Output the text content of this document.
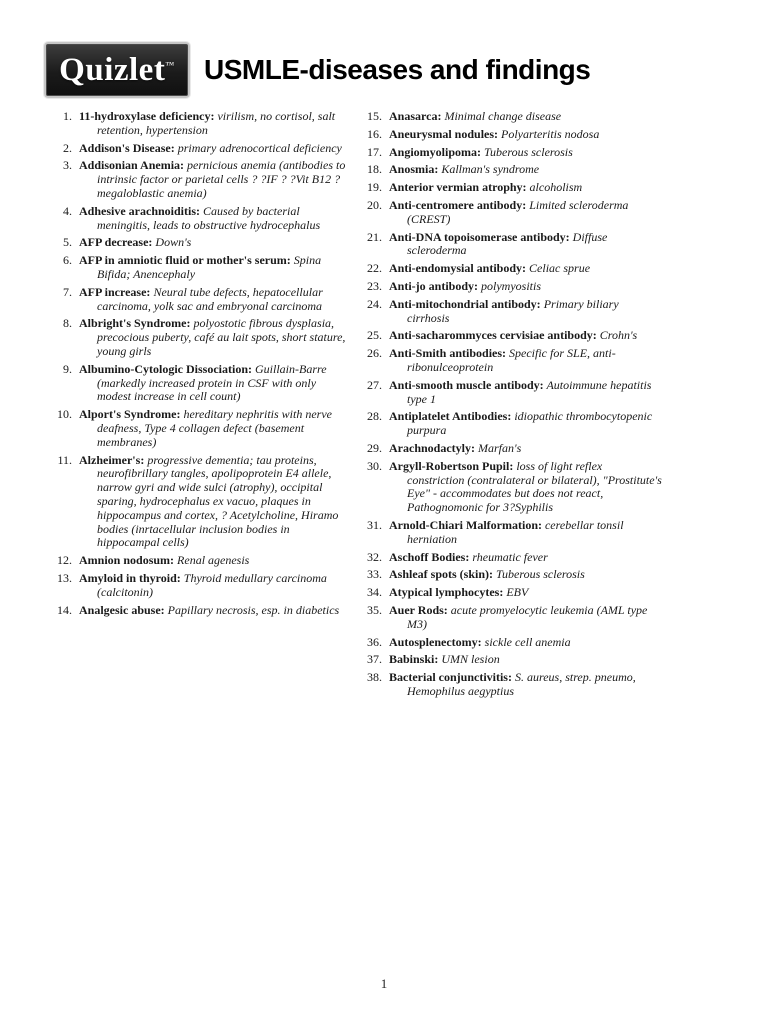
Quizlet™ USMLE-diseases and findings
1. 11-hydroxylase deficiency: virilism, no cortisol, salt retention, hypertension
2. Addison's Disease: primary adrenocortical deficiency
3. Addisonian Anemia: pernicious anemia (antibodies to intrinsic factor or parietal cells ? ?IF ? ?Vit B12 ? megaloblastic anemia)
4. Adhesive arachnoiditis: Caused by bacterial meningitis, leads to obstructive hydrocephalus
5. AFP decrease: Down's
6. AFP in amniotic fluid or mother's serum: Spina Bifida; Anencephaly
7. AFP increase: Neural tube defects, hepatocellular carcinoma, yolk sac and embryonal carcinoma
8. Albright's Syndrome: polyostotic fibrous dysplasia, precocious puberty, café au lait spots, short stature, young girls
9. Albumino-Cytologic Dissociation: Guillain-Barre (markedly increased protein in CSF with only modest increase in cell count)
10. Alport's Syndrome: hereditary nephritis with nerve deafness, Type 4 collagen defect (basement membranes)
11. Alzheimer's: progressive dementia; tau proteins, neurofibrillary tangles, apolipoprotein E4 allele, narrow gyri and wide sulci (atrophy), occipital sparing, hydrocephalus ex vacuo, plaques in hippocampus and cortex, ? Acetylcholine, Hiramo bodies (inrtacellular inclusion bodies in hippocampal cells)
12. Amnion nodosum: Renal agenesis
13. Amyloid in thyroid: Thyroid medullary carcinoma (calcitonin)
14. Analgesic abuse: Papillary necrosis, esp. in diabetics
15. Anasarca: Minimal change disease
16. Aneurysmal nodules: Polyarteritis nodosa
17. Angiomyolipoma: Tuberous sclerosis
18. Anosmia: Kallman's syndrome
19. Anterior vermian atrophy: alcoholism
20. Anti-centromere antibody: Limited scleroderma (CREST)
21. Anti-DNA topoisomerase antibody: Diffuse scleroderma
22. Anti-endomysial antibody: Celiac sprue
23. Anti-jo antibody: polymyositis
24. Anti-mitochondrial antibody: Primary biliary cirrhosis
25. Anti-sacharommyces cervisiae antibody: Crohn's
26. Anti-Smith antibodies: Specific for SLE, anti-ribonulceoprotein
27. Anti-smooth muscle antibody: Autoimmune hepatitis type 1
28. Antiplatelet Antibodies: idiopathic thrombocytopenic purpura
29. Arachnodactyly: Marfan's
30. Argyll-Robertson Pupil: loss of light reflex constriction (contralateral or bilateral), "Prostitute's Eye" - accommodates but does not react, Pathognomonic for 3?Syphilis
31. Arnold-Chiari Malformation: cerebellar tonsil herniation
32. Aschoff Bodies: rheumatic fever
33. Ashleaf spots (skin): Tuberous sclerosis
34. Atypical lymphocytes: EBV
35. Auer Rods: acute promyelocytic leukemia (AML type M3)
36. Autosplenectomy: sickle cell anemia
37. Babinski: UMN lesion
38. Bacterial conjunctivitis: S. aureus, strep. pneumo, Hemophilus aegyptius
1
